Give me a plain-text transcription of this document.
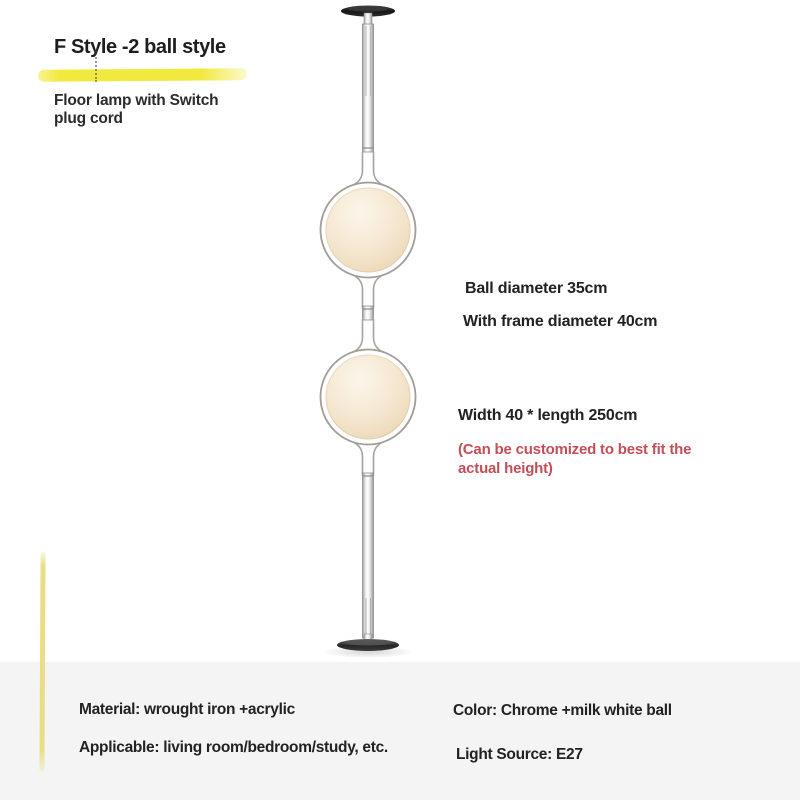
F Style -2 ball style

Floor lamp with Switch plug cord

Ball diameter 35cm

With frame diameter 40cm

Width 40 * length 250cm

(Can be customized to best fit the actual height)

Material: wrought iron +acrylic

Applicable: living room/bedroom/study, etc.

Color: Chrome +milk white ball

Light Source: E27
